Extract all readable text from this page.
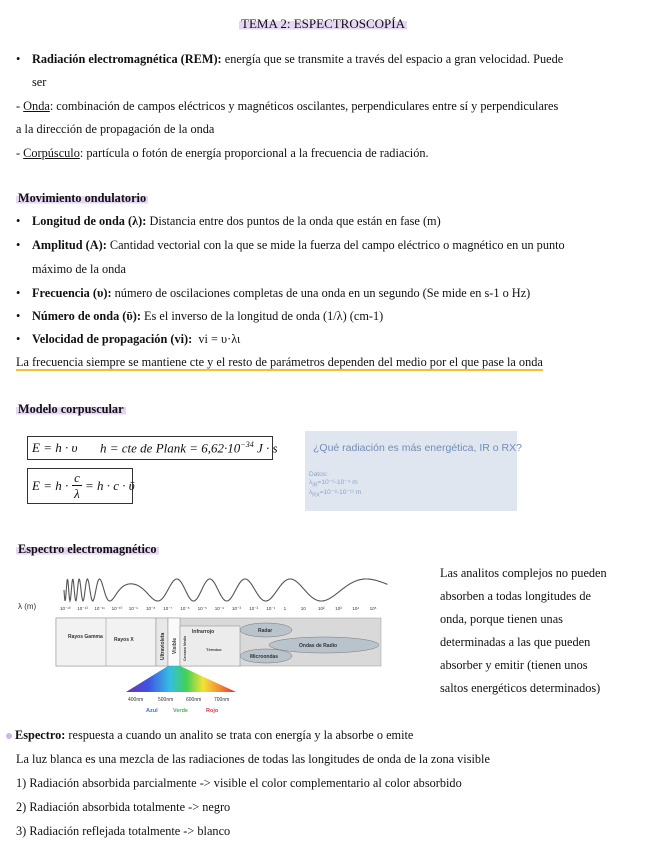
TEMA 2: ESPECTROSCOPÍA
• Radiación electromagnética (REM): energía que se transmite a través del espacio a gran velocidad. Puede
ser
- Onda: combinación de campos eléctricos y magnéticos oscilantes, perpendiculares entre sí y perpendiculares
a la dirección de propagación de la onda
- Corpúsculo: partícula o fotón de energía proporcional a la frecuencia de radiación.
Movimiento ondulatorio
• Longitud de onda (λ): Distancia entre dos puntos de la onda que están en fase (m)
• Amplitud (A): Cantidad vectorial con la que se mide la fuerza del campo eléctrico o magnético en un punto
máximo de la onda
• Frecuencia (υ): número de oscilaciones completas de una onda en un segundo (Se mide en s-1 o Hz)
• Número de onda (ῡ): Es el inverso de la longitud de onda (1/λ) (cm-1)
• Velocidad de propagación (vi): vi = υ·λι
La frecuencia siempre se mantiene cte y el resto de parámetros dependen del medio por el que pase la onda
Modelo corpuscular
E = h · υ h = cte de Plank = $6,62\cdot 10^{-34}$ J · s
E = h ·
c
λ
= h · c · ῡ
¿Qué radiación es más energética, IR o RX?
Datos:
$\lambda_{IR}=10^{-6}-10^{-4}$ m
$\lambda_{RX}=10^{-8}-10^{-11}$ m
Espectro electromagnético
λ (m)	10⁻¹⁰ 10⁻¹³ 10⁻¹¹ 10⁻¹⁰ 10⁻⁹ 10⁻⁸ 10⁻⁷ 10⁻⁶ 10⁻⁵ 10⁻⁴ 10⁻³ 10⁻² 10⁻¹ 1	10	10² 10³ 10⁴ 10⁵
Rayos Gamma Rayos X	Ultravioleta Visible
Infrarrojo
Cercano Medio	Térmico
Radar
Ondas de Radio
Microondas
400nm	500nm	600nm	700nm
Azul	Verde	Rojo
Las analitos complejos no pueden
absorben a todas longitudes de
onda, porque tienen unas
determinadas a las que pueden
absorber y emitir (tienen unos
saltos energéticos determinados)
Espectro: respuesta a cuando un analito se trata con energía y la absorbe o emite
La luz blanca es una mezcla de las radiaciones de todas las longitudes de onda de la zona visible
1) Radiación absorbida parcialmente -> visible el color complementario al color absorbido
2) Radiación absorbida totalmente -> negro
3) Radiación reflejada totalmente -> blanco
